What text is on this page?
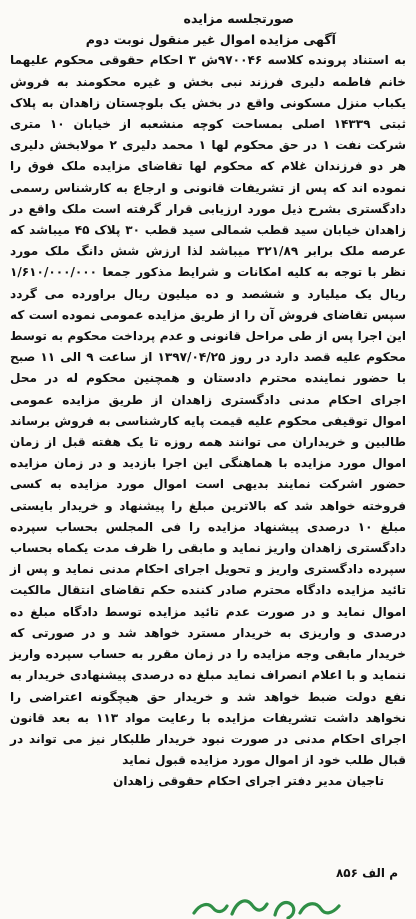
صورتجلسه مزایده

آگهی مزایده اموال غیر منقول نوبت دوم

به استناد پرونده کلاسه ۹۷۰۰۴۶ش ۳ احکام حقوقی محکوم علیهما خانم فاطمه دلیری فرزند نبی بخش و غیره محکومند به فروش یکباب منزل مسکونی واقع در بخش یک بلوچستان زاهدان به پلاک ثبتی ۱۴۳۳۹ اصلی بمساحت کوچه منشعبه از خیابان ۱۰ متری شرکت نفت ۱ در حق محکوم لها ۱ محمد دلیری ۲ مولابخش دلیری هر دو فرزندان غلام که محکوم لها تقاضای مزایده ملک فوق را نموده اند که پس از تشریفات قانونی و ارجاع به کارشناس رسمی دادگستری بشرح ذیل مورد ارزیابی قرار گرفته است ملک واقع در زاهدان خیابان سید قطب شمالی سید قطب ۳۰ پلاک ۴۵ میباشد که عرصه ملک برابر ۳۲۱/۸۹ میباشد لذا ارزش شش دانگ ملک مورد نظر با توجه به کلیه امکانات و شرایط مذکور جمعا ۱/۶۱۰/۰۰۰/۰۰۰ ریال یک میلیارد و ششصد و ده میلیون ریال براورده می گردد سپس تقاضای فروش آن را از طریق مزایده عمومی نموده است که این اجرا پس از طی مراحل قانونی و عدم پرداخت محکوم به توسط محکوم علیه قصد دارد در روز ۱۳۹۷/۰۴/۲۵ از ساعت ۹ الی ۱۱ صبح با حضور نماینده محترم دادستان و همچنین محکوم له در محل اجرای احکام مدنی دادگستری زاهدان از طریق مزایده عمومی اموال توقیفی محکوم علیه قیمت پایه کارشناسی به فروش برساند طالبین و خریداران می توانند همه روزه تا یک هفته قبل از زمان اموال مورد مزایده با هماهنگی این اجرا بازدید و در زمان مزایده حضور اشرکت نمایند بدیهی است اموال مورد مزایده به کسی فروخته خواهد شد که بالاترین مبلغ را پیشنهاد و خریدار بایستی مبلغ ۱۰ درصدی پیشنهاد مزایده را فی المجلس بحساب سپرده دادگستری زاهدان واریز نماید و مابقی را ظرف مدت یکماه بحساب سپرده دادگستری واریز و تحویل اجرای احکام مدنی نماید و پس از تائید مزایده دادگاه محترم صادر کننده حکم تقاضای انتقال مالکیت اموال نماید و در صورت عدم تائید مزایده توسط دادگاه مبلغ ده درصدی و واریزی به خریدار مسترد خواهد شد و در صورتی که خریدار مابقی وجه مزایده را در زمان مقرر به حساب سپرده واریز ننماید و با اعلام انصراف نماید مبلغ ده درصدی پیشنهادی خریدار به نفع دولت ضبط خواهد شد و خریدار حق هیچگونه اعتراضی را نخواهد داشت تشریفات مزایده با رعایت مواد ۱۱۳ به بعد قانون اجرای احکام مدنی در صورت نبود خریدار طلبکار نیز می تواند در قبال طلب خود از اموال مورد مزایده قبول نماید

تاجیان مدیر دفتر اجرای احکام حقوقی زاهدان

م الف ۸۵۶
